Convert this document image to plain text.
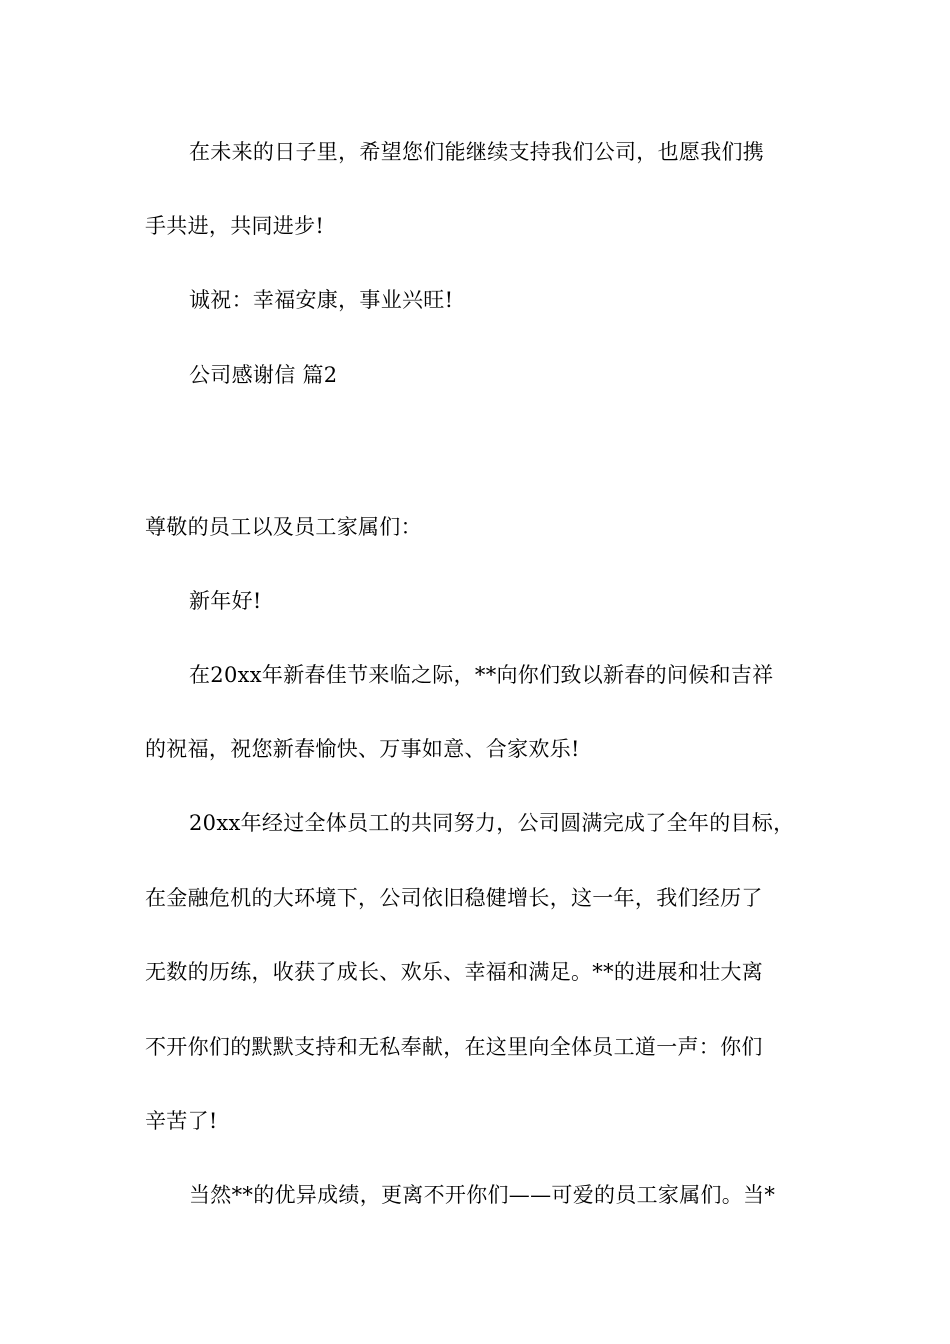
在未来的日子里，希望您们能继续支持我们公司，也愿我们携
手共进，共同进步!
诚祝：幸福安康，事业兴旺!
公司感谢信 篇2
尊敬的员工以及员工家属们：
新年好!
在20xx年新春佳节来临之际，**向你们致以新春的问候和吉祥
的祝福，祝您新春愉快、万事如意、合家欢乐!
20xx年经过全体员工的共同努力，公司圆满完成了全年的目标，
在金融危机的大环境下，公司依旧稳健增长，这一年，我们经历了
无数的历练，收获了成长、欢乐、幸福和满足。**的进展和壮大离
不开你们的默默支持和无私奉献，在这里向全体员工道一声：你们
辛苦了!
当然**的优异成绩，更离不开你们——可爱的员工家属们。当*
